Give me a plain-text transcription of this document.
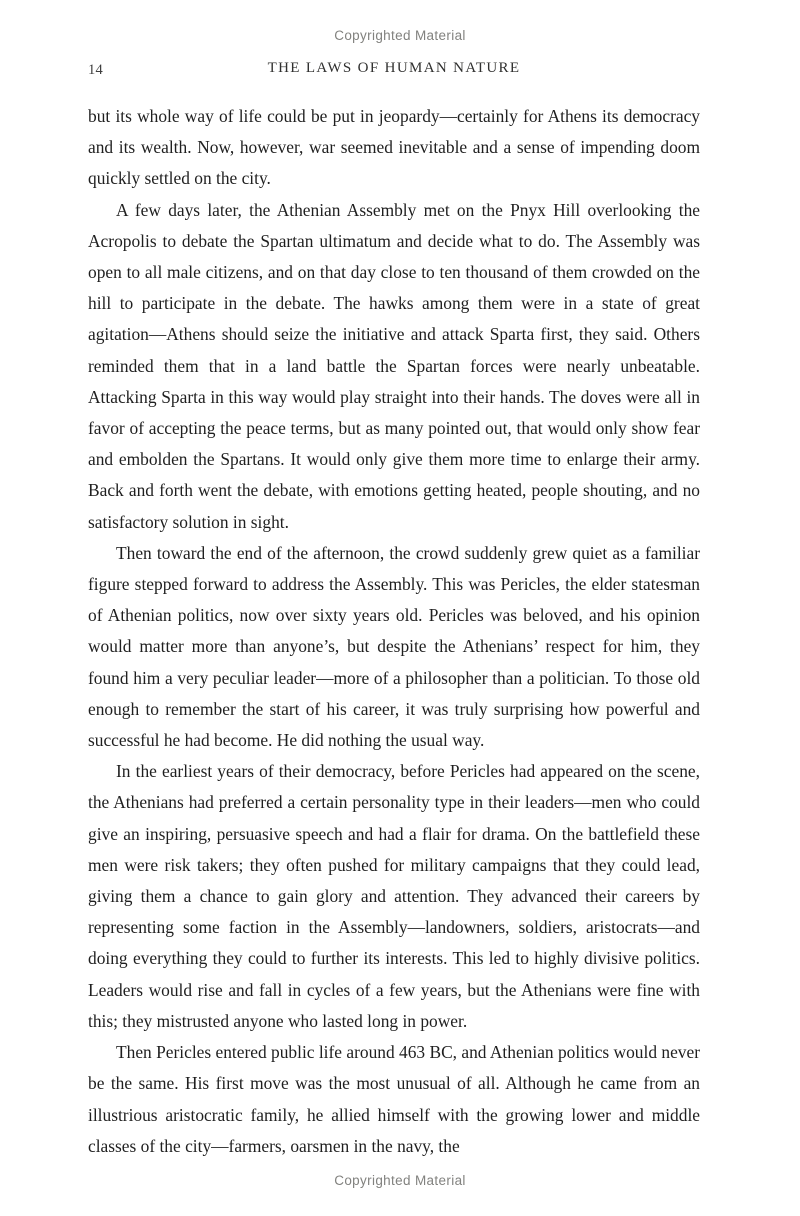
Copyrighted Material
14	THE LAWS OF HUMAN NATURE

but its whole way of life could be put in jeopardy—certainly for Athens its democracy and its wealth. Now, however, war seemed inevitable and a sense of impending doom quickly settled on the city.

A few days later, the Athenian Assembly met on the Pnyx Hill overlooking the Acropolis to debate the Spartan ultimatum and decide what to do. The Assembly was open to all male citizens, and on that day close to ten thousand of them crowded on the hill to participate in the debate. The hawks among them were in a state of great agitation—Athens should seize the initiative and attack Sparta first, they said. Others reminded them that in a land battle the Spartan forces were nearly unbeatable. Attacking Sparta in this way would play straight into their hands. The doves were all in favor of accepting the peace terms, but as many pointed out, that would only show fear and embolden the Spartans. It would only give them more time to enlarge their army. Back and forth went the debate, with emotions getting heated, people shouting, and no satisfactory solution in sight.

Then toward the end of the afternoon, the crowd suddenly grew quiet as a familiar figure stepped forward to address the Assembly. This was Pericles, the elder statesman of Athenian politics, now over sixty years old. Pericles was beloved, and his opinion would matter more than anyone’s, but despite the Athenians’ respect for him, they found him a very peculiar leader—more of a philosopher than a politician. To those old enough to remember the start of his career, it was truly surprising how powerful and successful he had become. He did nothing the usual way.

In the earliest years of their democracy, before Pericles had appeared on the scene, the Athenians had preferred a certain personality type in their leaders—men who could give an inspiring, persuasive speech and had a flair for drama. On the battlefield these men were risk takers; they often pushed for military campaigns that they could lead, giving them a chance to gain glory and attention. They advanced their careers by representing some faction in the Assembly—landowners, soldiers, aristocrats—and doing everything they could to further its interests. This led to highly divisive politics. Leaders would rise and fall in cycles of a few years, but the Athenians were fine with this; they mistrusted anyone who lasted long in power.

Then Pericles entered public life around 463 BC, and Athenian politics would never be the same. His first move was the most unusual of all. Although he came from an illustrious aristocratic family, he allied himself with the growing lower and middle classes of the city—farmers, oarsmen in the navy, the

Copyrighted Material
